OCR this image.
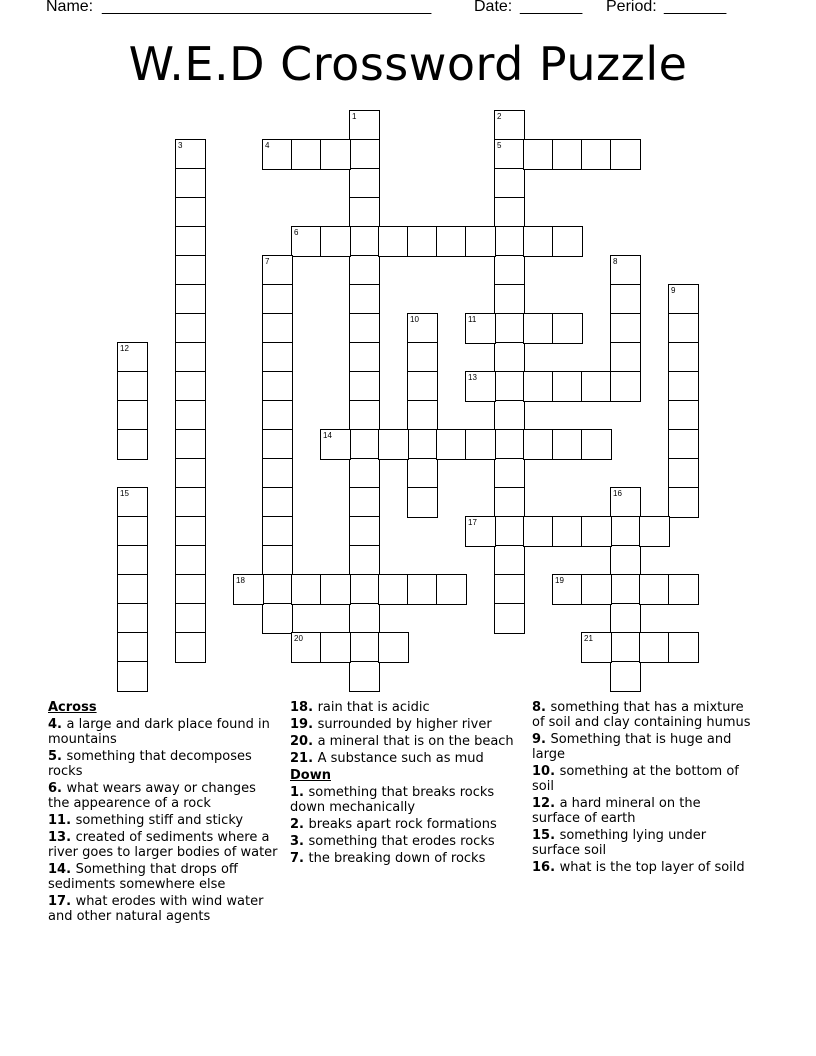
Name: _____________________________________	Date: _______ Period: _______
W.E.D Crossword Puzzle
1	2
5
3	4
6
7	8
9
10	11
12
13
14
15	16
17
18	19
20	21
Across
4. a large and dark place found in mountains
5. something that decomposes rocks
6. what wears away or changes the appearence of a rock
11. something stiff and sticky
13. created of sediments where a river goes to larger bodies of water
14. Something that drops off sediments somewhere else
17. what erodes with wind water and other natural agents
18. rain that is acidic
19. surrounded by higher river
20. a mineral that is on the beach
21. A substance such as mud
Down
1. something that breaks rocks down mechanically
2. breaks apart rock formations
3. something that erodes rocks
7. the breaking down of rocks
8. something that has a mixture of soil and clay containing humus
9. Something that is huge and large
10. something at the bottom of soil
12. a hard mineral on the surface of earth
15. something lying under surface soil
16. what is the top layer of soild
